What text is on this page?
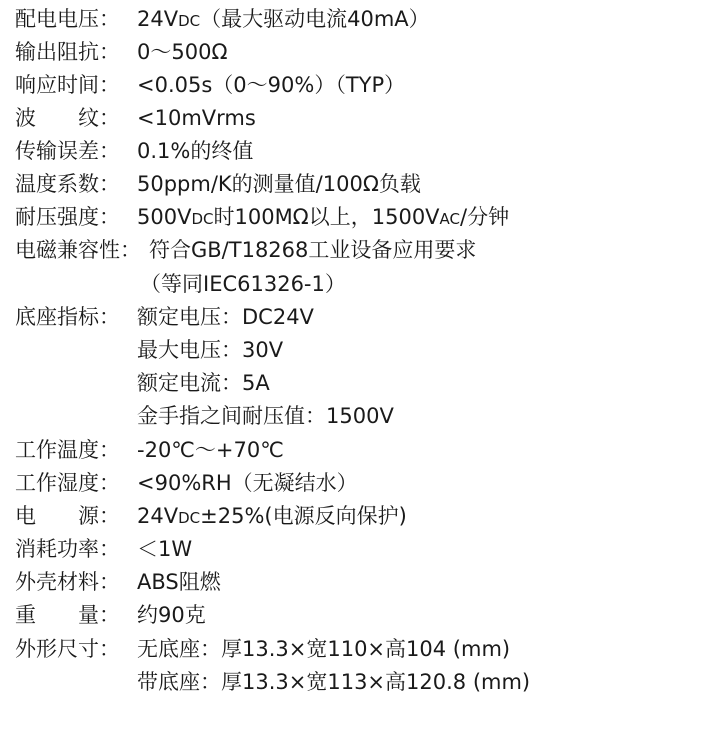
配电电压： 24VDC（最大驱动电流40mA）
输出阻抗： 0～500Ω
响应时间： <0.05s（0～90%）（TYP）
波　　纹： <10mVrms
传输误差： 0.1%的终值
温度系数： 50ppm/K的测量值/100Ω负载
耐压强度： 500VDC时100MΩ以上，1500VAC/分钟
电磁兼容性： 符合GB/T18268工业设备应用要求
（等同IEC61326-1）
底座指标： 额定电压：DC24V
最大电压：30V
额定电流：5A
金手指之间耐压值：1500V
工作温度： -20℃～+70℃
工作湿度： <90%RH（无凝结水）
电　　源： 24VDC±25%(电源反向保护)
消耗功率： ＜1W
外壳材料： ABS阻燃
重　　量： 约90克
外形尺寸： 无底座：厚13.3×宽110×高104 (mm)
带底座：厚13.3×宽113×高120.8 (mm)
